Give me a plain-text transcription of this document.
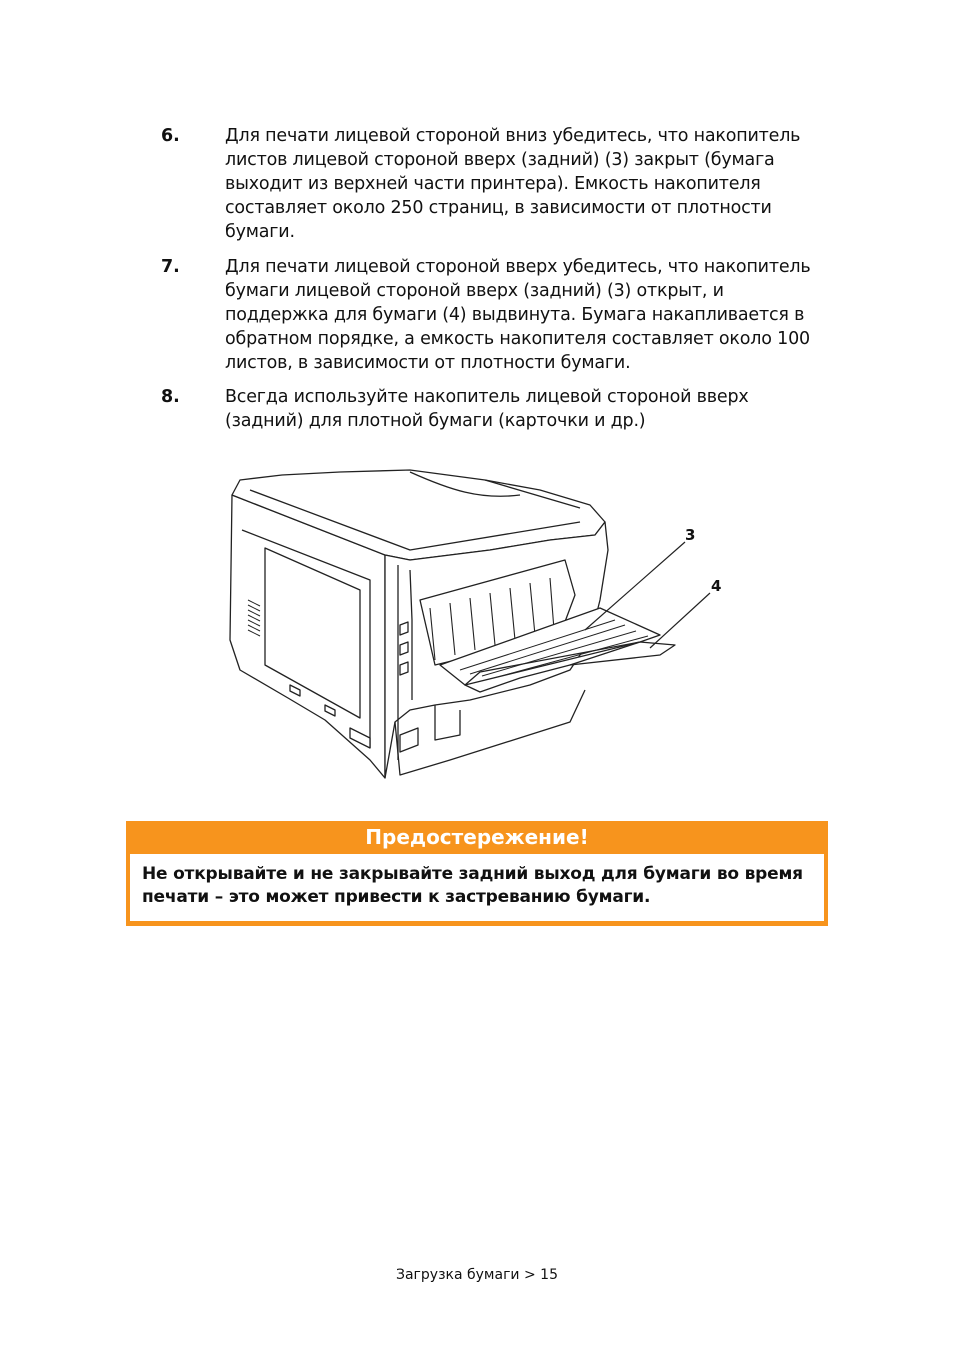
6.	Для печати лицевой стороной вниз убедитесь, что накопитель
листов лицевой стороной вверх (задний) (3) закрыт (бумага
выходит из верхней части принтера). Емкость накопителя
составляет около 250 страниц, в зависимости от плотности
бумаги.
7.	Для печати лицевой стороной вверх убедитесь, что накопитель
бумаги лицевой стороной вверх (задний) (3) открыт, и
поддержка для бумаги (4) выдвинута. Бумага накапливается в
обратном порядке, а емкость накопителя составляет около 100
листов, в зависимости от плотности бумаги.
8.	Всегда используйте накопитель лицевой стороной вверх
(задний) для плотной бумаги (карточки и др.)
3
4
Предостережение!
Не открывайте и не закрывайте задний выход для бумаги во время
печати – это может привести к застреванию бумаги.
Загрузка бумаги > 15
